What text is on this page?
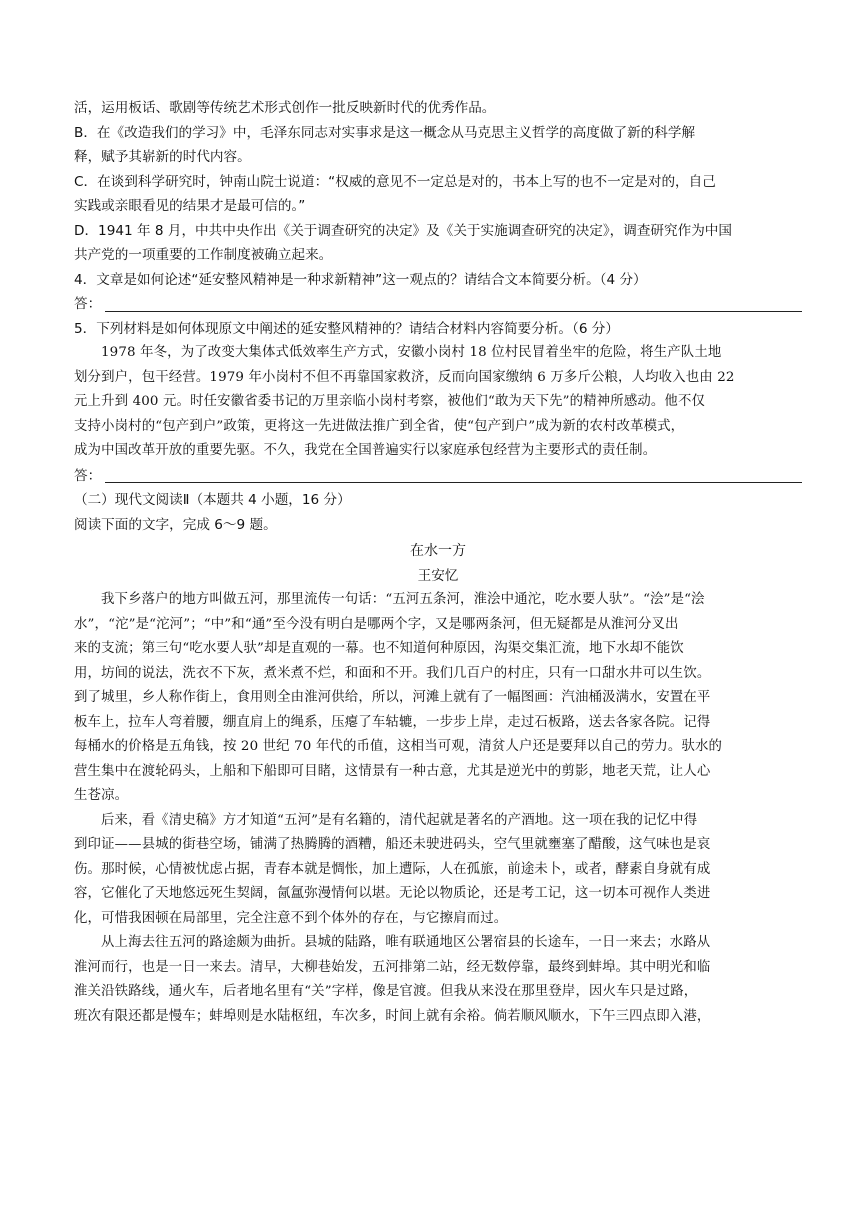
活，运用板话、歌剧等传统艺术形式创作一批反映新时代的优秀作品。
B．在《改造我们的学习》中，毛泽东同志对实事求是这一概念从马克思主义哲学的高度做了新的科学解
释，赋予其崭新的时代内容。
C．在谈到科学研究时，钟南山院士说道：“权威的意见不一定总是对的，书本上写的也不一定是对的，自己
实践或亲眼看见的结果才是最可信的。”
D．1941 年 8 月，中共中央作出《关于调查研究的决定》及《关于实施调查研究的决定》，调查研究作为中国
共产党的一项重要的工作制度被确立起来。
4．文章是如何论述“延安整风精神是一种求新精神”这一观点的？请结合文本简要分析。（4 分）
答：
5．下列材料是如何体现原文中阐述的延安整风精神的？请结合材料内容简要分析。（6 分）
1978 年冬，为了改变大集体式低效率生产方式，安徽小岗村 18 位村民冒着坐牢的危险，将生产队土地
划分到户，包干经营。1979 年小岗村不但不再靠国家救济，反而向国家缴纳 6 万多斤公粮，人均收入也由 22
元上升到 400 元。时任安徽省委书记的万里亲临小岗村考察，被他们“敢为天下先”的精神所感动。他不仅
支持小岗村的“包产到户”政策，更将这一先进做法推广到全省，使“包产到户”成为新的农村改革模式，
成为中国改革开放的重要先驱。不久，我党在全国普遍实行以家庭承包经营为主要形式的责任制。
答：
（二）现代文阅读Ⅱ（本题共 4 小题，16 分）
阅读下面的文字，完成 6～9 题。
在水一方
王安忆
我下乡落户的地方叫做五河，那里流传一句话：“五河五条河，淮浍中通沱，吃水要人驮”。“浍”是“浍
水”，“沱”是“沱河”；“中”和“通”至今没有明白是哪两个字，又是哪两条河，但无疑都是从淮河分叉出
来的支流；第三句“吃水要人驮”却是直观的一幕。也不知道何种原因，沟渠交集汇流，地下水却不能饮
用，坊间的说法，洗衣不下灰，煮米煮不烂，和面和不开。我们几百户的村庄，只有一口甜水井可以生饮。
到了城里，乡人称作街上，食用则全由淮河供给，所以，河滩上就有了一幅图画：汽油桶汲满水，安置在平
板车上，拉车人弯着腰，绷直肩上的绳系，压瘪了车轱辘，一步步上岸，走过石板路，送去各家各院。记得
每桶水的价格是五角钱，按 20 世纪 70 年代的币值，这相当可观，清贫人户还是要拜以自己的劳力。驮水的
营生集中在渡轮码头，上船和下船即可目睹，这情景有一种古意，尤其是逆光中的剪影，地老天荒，让人心
生苍凉。
后来，看《清史稿》方才知道“五河”是有名籍的，清代起就是著名的产酒地。这一项在我的记忆中得
到印证——县城的街巷空场，铺满了热腾腾的酒糟，船还未驶进码头，空气里就壅塞了醋酸，这气味也是哀
伤。那时候，心情被忧虑占据，青春本就是惆怅，加上遭际，人在孤旅，前途未卜，或者，酵素自身就有成
容，它催化了天地悠远死生契阔，氤氲弥漫情何以堪。无论以物质论，还是考工记，这一切本可视作人类进
化，可惜我困顿在局部里，完全注意不到个体外的存在，与它擦肩而过。
从上海去往五河的路途颇为曲折。县城的陆路，唯有联通地区公署宿县的长途车，一日一来去；水路从
淮河而行，也是一日一来去。清早，大柳巷始发，五河排第二站，经无数停靠，最终到蚌埠。其中明光和临
淮关沿铁路线，通火车，后者地名里有“关”字样，像是官渡。但我从来没在那里登岸，因火车只是过路，
班次有限还都是慢车；蚌埠则是水陆枢纽，车次多，时间上就有余裕。倘若顺风顺水，下午三四点即入港，
